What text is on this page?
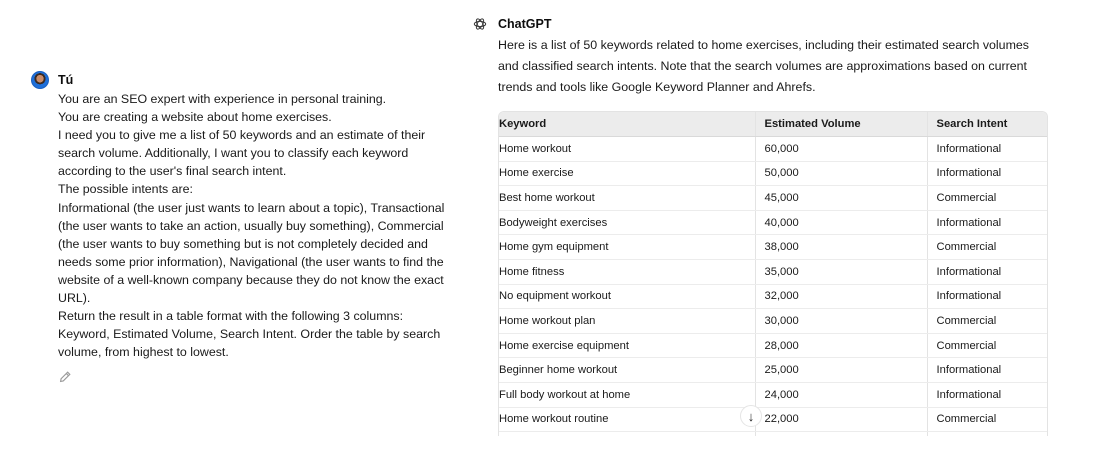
Tú

You are an SEO expert with experience in personal training.

You are creating a website about home exercises.

I need you to give me a list of 50 keywords and an estimate of their search volume. Additionally, I want you to classify each keyword according to the user's final search intent.

The possible intents are:

Informational (the user just wants to learn about a topic), Transactional (the user wants to take an action, usually buy something), Commercial (the user wants to buy something but is not completely decided and needs some prior information), Navigational (the user wants to find the website of a well-known company because they do not know the exact URL).

Return the result in a table format with the following 3 columns: Keyword, Estimated Volume, Search Intent. Order the table by search volume, from highest to lowest.

ChatGPT

Here is a list of 50 keywords related to home exercises, including their estimated search volumes and classified search intents. Note that the search volumes are approximations based on current trends and tools like Google Keyword Planner and Ahrefs.

Keyword	Estimated Volume	Search Intent
Home workout	60,000	Informational
Home exercise	50,000	Informational
Best home workout	45,000	Commercial
Bodyweight exercises	40,000	Informational
Home gym equipment	38,000	Commercial
Home fitness	35,000	Informational
No equipment workout	32,000	Informational
Home workout plan	30,000	Commercial
Home exercise equipment	28,000	Commercial
Beginner home workout	25,000	Informational
Full body workout at home	24,000	Informational
Home workout routine	22,000	Commercial

↓
